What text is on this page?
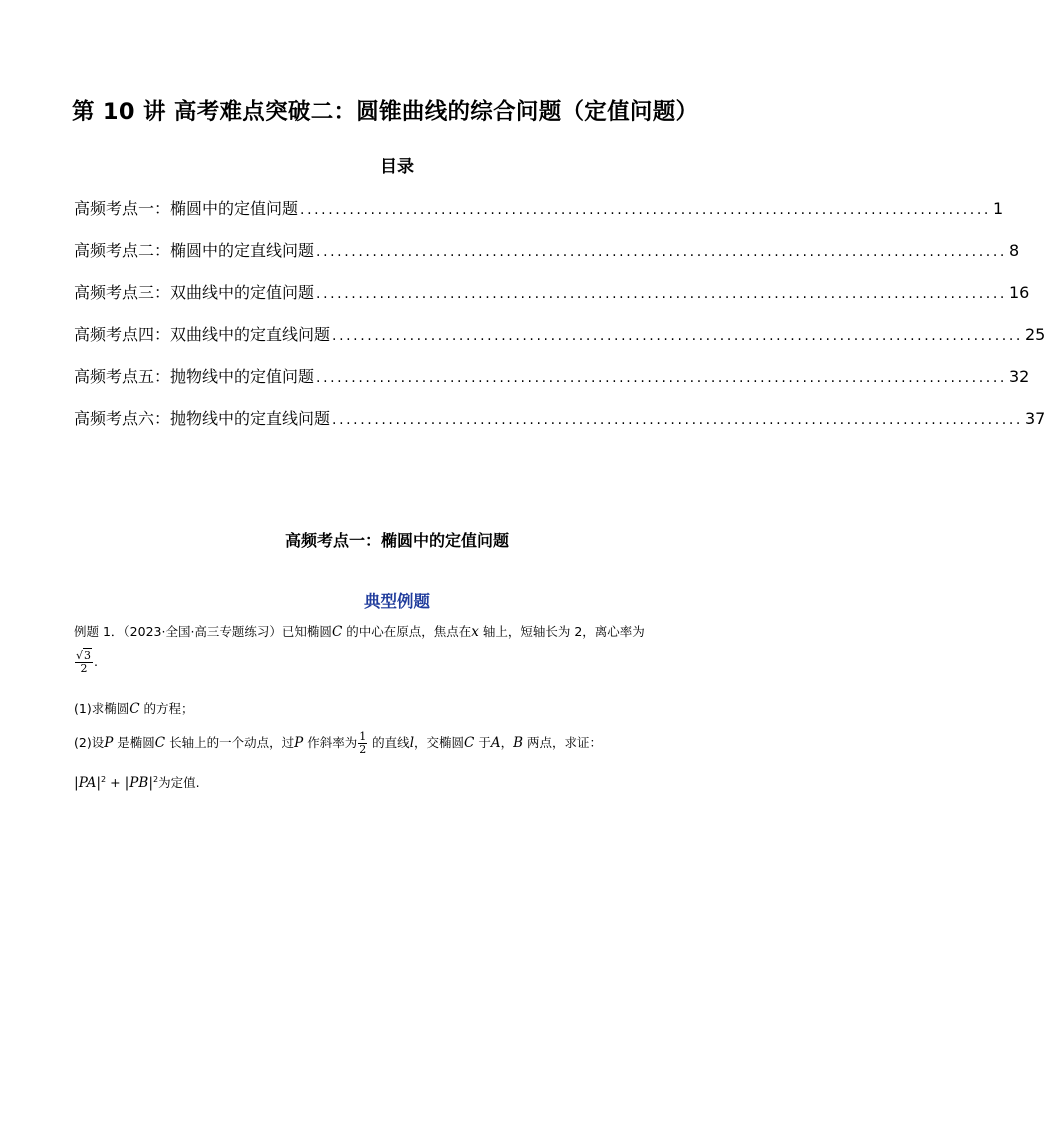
第 10 讲 高考难点突破二：圆锥曲线的综合问题（定值问题）
目录
高频考点一：椭圆中的定值问题 .................................................................................................. 1
高频考点二：椭圆中的定直线问题 .................................................................................................. 8
高频考点三：双曲线中的定值问题 .................................................................................................. 16
高频考点四：双曲线中的定直线问题 .................................................................................................. 25
高频考点五：抛物线中的定值问题 .................................................................................................. 32
高频考点六：抛物线中的定直线问题 .................................................................................................. 37
高频考点一：椭圆中的定值问题
典型例题
例题 1．（2023·全国·高三专题练习）已知椭圆C 的中心在原点，焦点在x 轴上，短轴长为 2，离心率为
$\frac{√3}{2}$ .
(1)求椭圆C 的方程；
(2)设P 是椭圆C 长轴上的一个动点，过P 作斜率为 $\frac{1}{2}$ 的直线l，交椭圆C 于A，B 两点，求证：
$|PA|^2 + |PB|^2$为定值.
